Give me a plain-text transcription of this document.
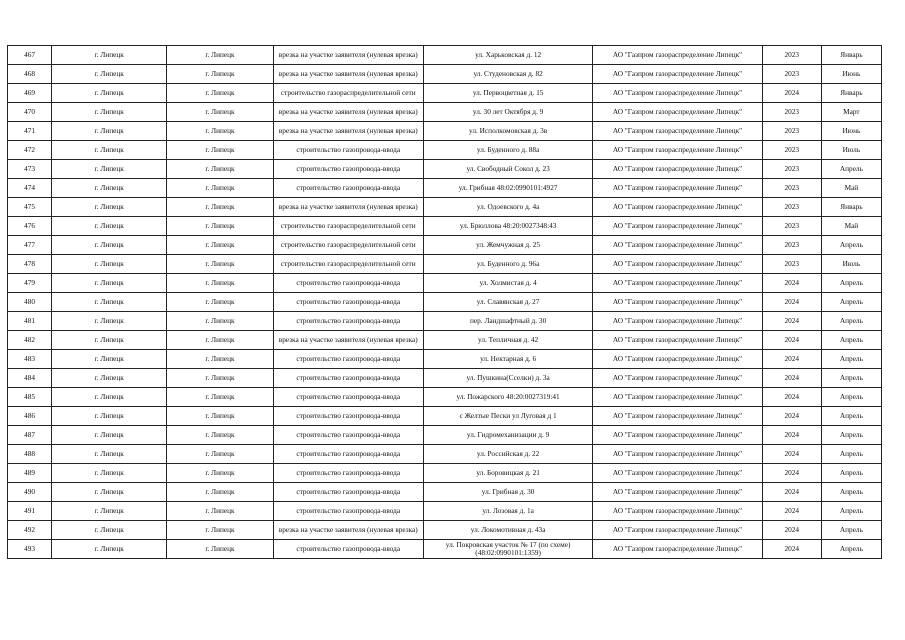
467	г. Липецк	г. Липецк	врезка на участке заявителя (нулевая врезка)	ул. Харьковская д. 12	АО "Газпром газораспределение Липецк"	2023	Январь
468	г. Липецк	г. Липецк	врезка на участке заявителя (нулевая врезка)	ул. Студеновская д. 82	АО "Газпром газораспределение Липецк"	2023	Июнь
469	г. Липецк	г. Липецк	строительство газораспределительной сети	ул. Первоцветная д. 15	АО "Газпром газораспределение Липецк"	2024	Январь
470	г. Липецк	г. Липецк	врезка на участке заявителя (нулевая врезка)	ул. 30 лет Октября д. 9	АО "Газпром газораспределение Липецк"	2023	Март
471	г. Липецк	г. Липецк	врезка на участке заявителя (нулевая врезка)	ул. Исполкомовская д. 3в	АО "Газпром газораспределение Липецк"	2023	Июнь
472	г. Липецк	г. Липецк	строительство газопровода-ввода	ул. Буденного д. 88а	АО "Газпром газораспределение Липецк"	2023	Июль
473	г. Липецк	г. Липецк	строительство газопровода-ввода	ул. Свободный Сокол д. 23	АО "Газпром газораспределение Липецк"	2023	Апрель
474	г. Липецк	г. Липецк	строительство газопровода-ввода	ул. Грибная 48:02:0990101:4927	АО "Газпром газораспределение Липецк"	2023	Май
475	г. Липецк	г. Липецк	врезка на участке заявителя (нулевая врезка)	ул. Одоевского д. 4а	АО "Газпром газораспределение Липецк"	2023	Январь
476	г. Липецк	г. Липецк	строительство газораспределительной сети	ул. Брюллова 48:20:0027348:43	АО "Газпром газораспределение Липецк"	2023	Май
477	г. Липецк	г. Липецк	строительство газораспределительной сети	ул. Жемчужная д. 25	АО "Газпром газораспределение Липецк"	2023	Апрель
478	г. Липецк	г. Липецк	строительство газораспределительной сети	ул. Буденного д. 96а	АО "Газпром газораспределение Липецк"	2023	Июль
479	г. Липецк	г. Липецк	строительство газопровода-ввода	ул. Холмистая д. 4	АО "Газпром газораспределение Липецк"	2024	Апрель
480	г. Липецк	г. Липецк	строительство газопровода-ввода	ул. Славянская д. 27	АО "Газпром газораспределение Липецк"	2024	Апрель
481	г. Липецк	г. Липецк	строительство газопровода-ввода	пер. Ландшафтный д. 30	АО "Газпром газораспределение Липецк"	2024	Апрель
482	г. Липецк	г. Липецк	врезка на участке заявителя (нулевая врезка)	ул. Тепличная д. 42	АО "Газпром газораспределение Липецк"	2024	Апрель
483	г. Липецк	г. Липецк	строительство газопровода-ввода	ул. Нектарная д. 6	АО "Газпром газораспределение Липецк"	2024	Апрель
484	г. Липецк	г. Липецк	строительство газопровода-ввода	ул. Пушкина(Сселки) д. 3а	АО "Газпром газораспределение Липецк"	2024	Апрель
485	г. Липецк	г. Липецк	строительство газопровода-ввода	ул. Пожарского 48:20:0027319:41	АО "Газпром газораспределение Липецк"	2024	Апрель
486	г. Липецк	г. Липецк	строительство газопровода-ввода	с Желтые Пески ул Луговая д 1	АО "Газпром газораспределение Липецк"	2024	Апрель
487	г. Липецк	г. Липецк	строительство газопровода-ввода	ул. Гидромеханизации д. 9	АО "Газпром газораспределение Липецк"	2024	Апрель
488	г. Липецк	г. Липецк	строительство газопровода-ввода	ул. Российская д. 22	АО "Газпром газораспределение Липецк"	2024	Апрель
489	г. Липецк	г. Липецк	строительство газопровода-ввода	ул. Боровицкая д. 21	АО "Газпром газораспределение Липецк"	2024	Апрель
490	г. Липецк	г. Липецк	строительство газопровода-ввода	ул. Грибная д. 30	АО "Газпром газораспределение Липецк"	2024	Апрель
491	г. Липецк	г. Липецк	строительство газопровода-ввода	ул. Лозовая д. 1а	АО "Газпром газораспределение Липецк"	2024	Апрель
492	г. Липецк	г. Липецк	врезка на участке заявителя (нулевая врезка)	ул. Локомотивная д. 43а	АО "Газпром газораспределение Липецк"	2024	Апрель
493	г. Липецк	г. Липецк	строительство газопровода-ввода	ул. Покровская участок № 17 (по схеме) (48:02:0990101:1359)	АО "Газпром газораспределение Липецк"	2024	Апрель
